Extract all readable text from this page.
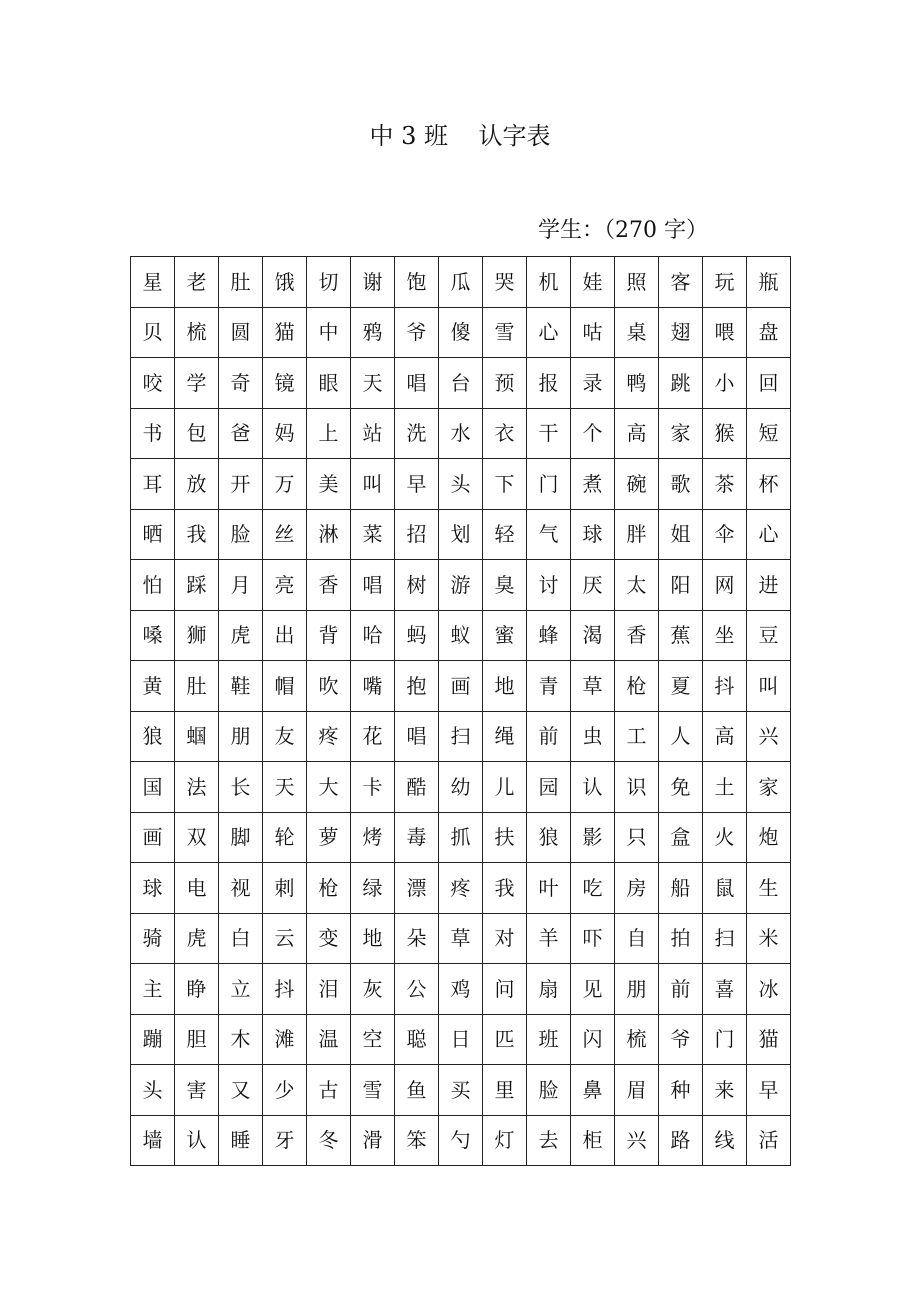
中 3 班    认字表
学生：（270 字）
星	老	肚	饿	切	谢	饱	瓜	哭	机	娃	照	客	玩	瓶
贝	梳	圆	猫	中	鸦	爷	傻	雪	心	咕	桌	翅	喂	盘
咬	学	奇	镜	眼	天	唱	台	预	报	录	鸭	跳	小	回
书	包	爸	妈	上	站	洗	水	衣	干	个	高	家	猴	短
耳	放	开	万	美	叫	早	头	下	门	煮	碗	歌	茶	杯
晒	我	脸	丝	淋	菜	招	划	轻	气	球	胖	姐	伞	心
怕	踩	月	亮	香	唱	树	游	臭	讨	厌	太	阳	网	进
嗓	狮	虎	出	背	哈	蚂	蚁	蜜	蜂	渴	香	蕉	坐	豆
黄	肚	鞋	帽	吹	嘴	抱	画	地	青	草	枪	夏	抖	叫
狼	蝈	朋	友	疼	花	唱	扫	绳	前	虫	工	人	高	兴
国	法	长	天	大	卡	酷	幼	儿	园	认	识	免	土	家
画	双	脚	轮	萝	烤	毒	抓	扶	狼	影	只	盒	火	炮
球	电	视	刺	枪	绿	漂	疼	我	叶	吃	房	船	鼠	生
骑	虎	白	云	变	地	朵	草	对	羊	吓	自	拍	扫	米
主	睁	立	抖	泪	灰	公	鸡	问	扇	见	朋	前	喜	冰
蹦	胆	木	滩	温	空	聪	日	匹	班	闪	梳	爷	门	猫
头	害	又	少	古	雪	鱼	买	里	脸	鼻	眉	种	来	早
墙	认	睡	牙	冬	滑	笨	勺	灯	去	柜	兴	路	线	活
